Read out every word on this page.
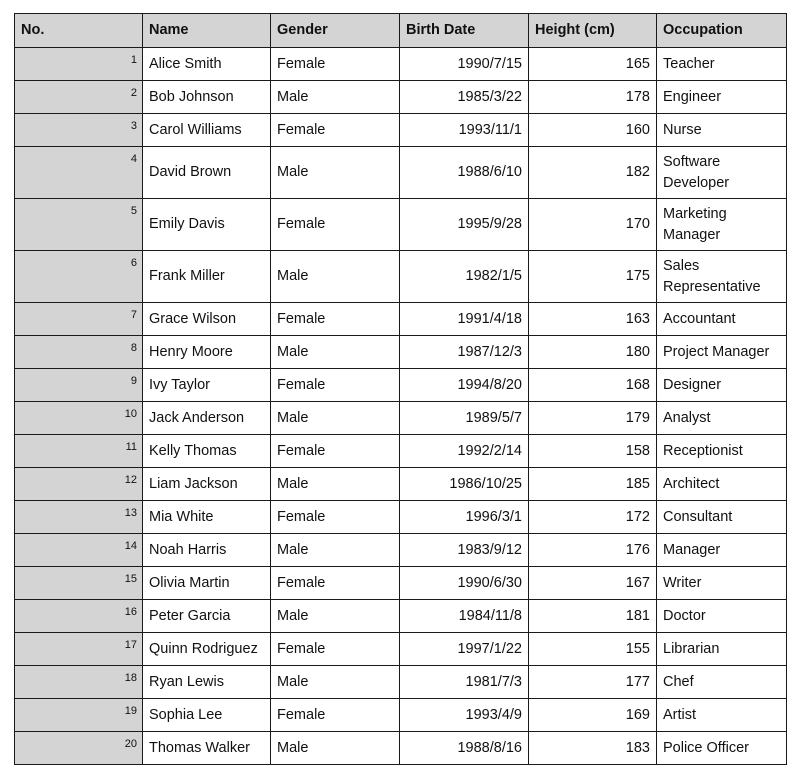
No.	Name	Gender	Birth Date	Height (cm)	Occupation
1	Alice Smith	Female	1990/7/15	165	Teacher
2	Bob Johnson	Male	1985/3/22	178	Engineer
3	Carol Williams	Female	1993/11/1	160	Nurse
4	David Brown	Male	1988/6/10	182	Software Developer
5	Emily Davis	Female	1995/9/28	170	Marketing Manager
6	Frank Miller	Male	1982/1/5	175	Sales Representative
7	Grace Wilson	Female	1991/4/18	163	Accountant
8	Henry Moore	Male	1987/12/3	180	Project Manager
9	Ivy Taylor	Female	1994/8/20	168	Designer
10	Jack Anderson	Male	1989/5/7	179	Analyst
11	Kelly Thomas	Female	1992/2/14	158	Receptionist
12	Liam Jackson	Male	1986/10/25	185	Architect
13	Mia White	Female	1996/3/1	172	Consultant
14	Noah Harris	Male	1983/9/12	176	Manager
15	Olivia Martin	Female	1990/6/30	167	Writer
16	Peter Garcia	Male	1984/11/8	181	Doctor
17	Quinn Rodriguez	Female	1997/1/22	155	Librarian
18	Ryan Lewis	Male	1981/7/3	177	Chef
19	Sophia Lee	Female	1993/4/9	169	Artist
20	Thomas Walker	Male	1988/8/16	183	Police Officer
